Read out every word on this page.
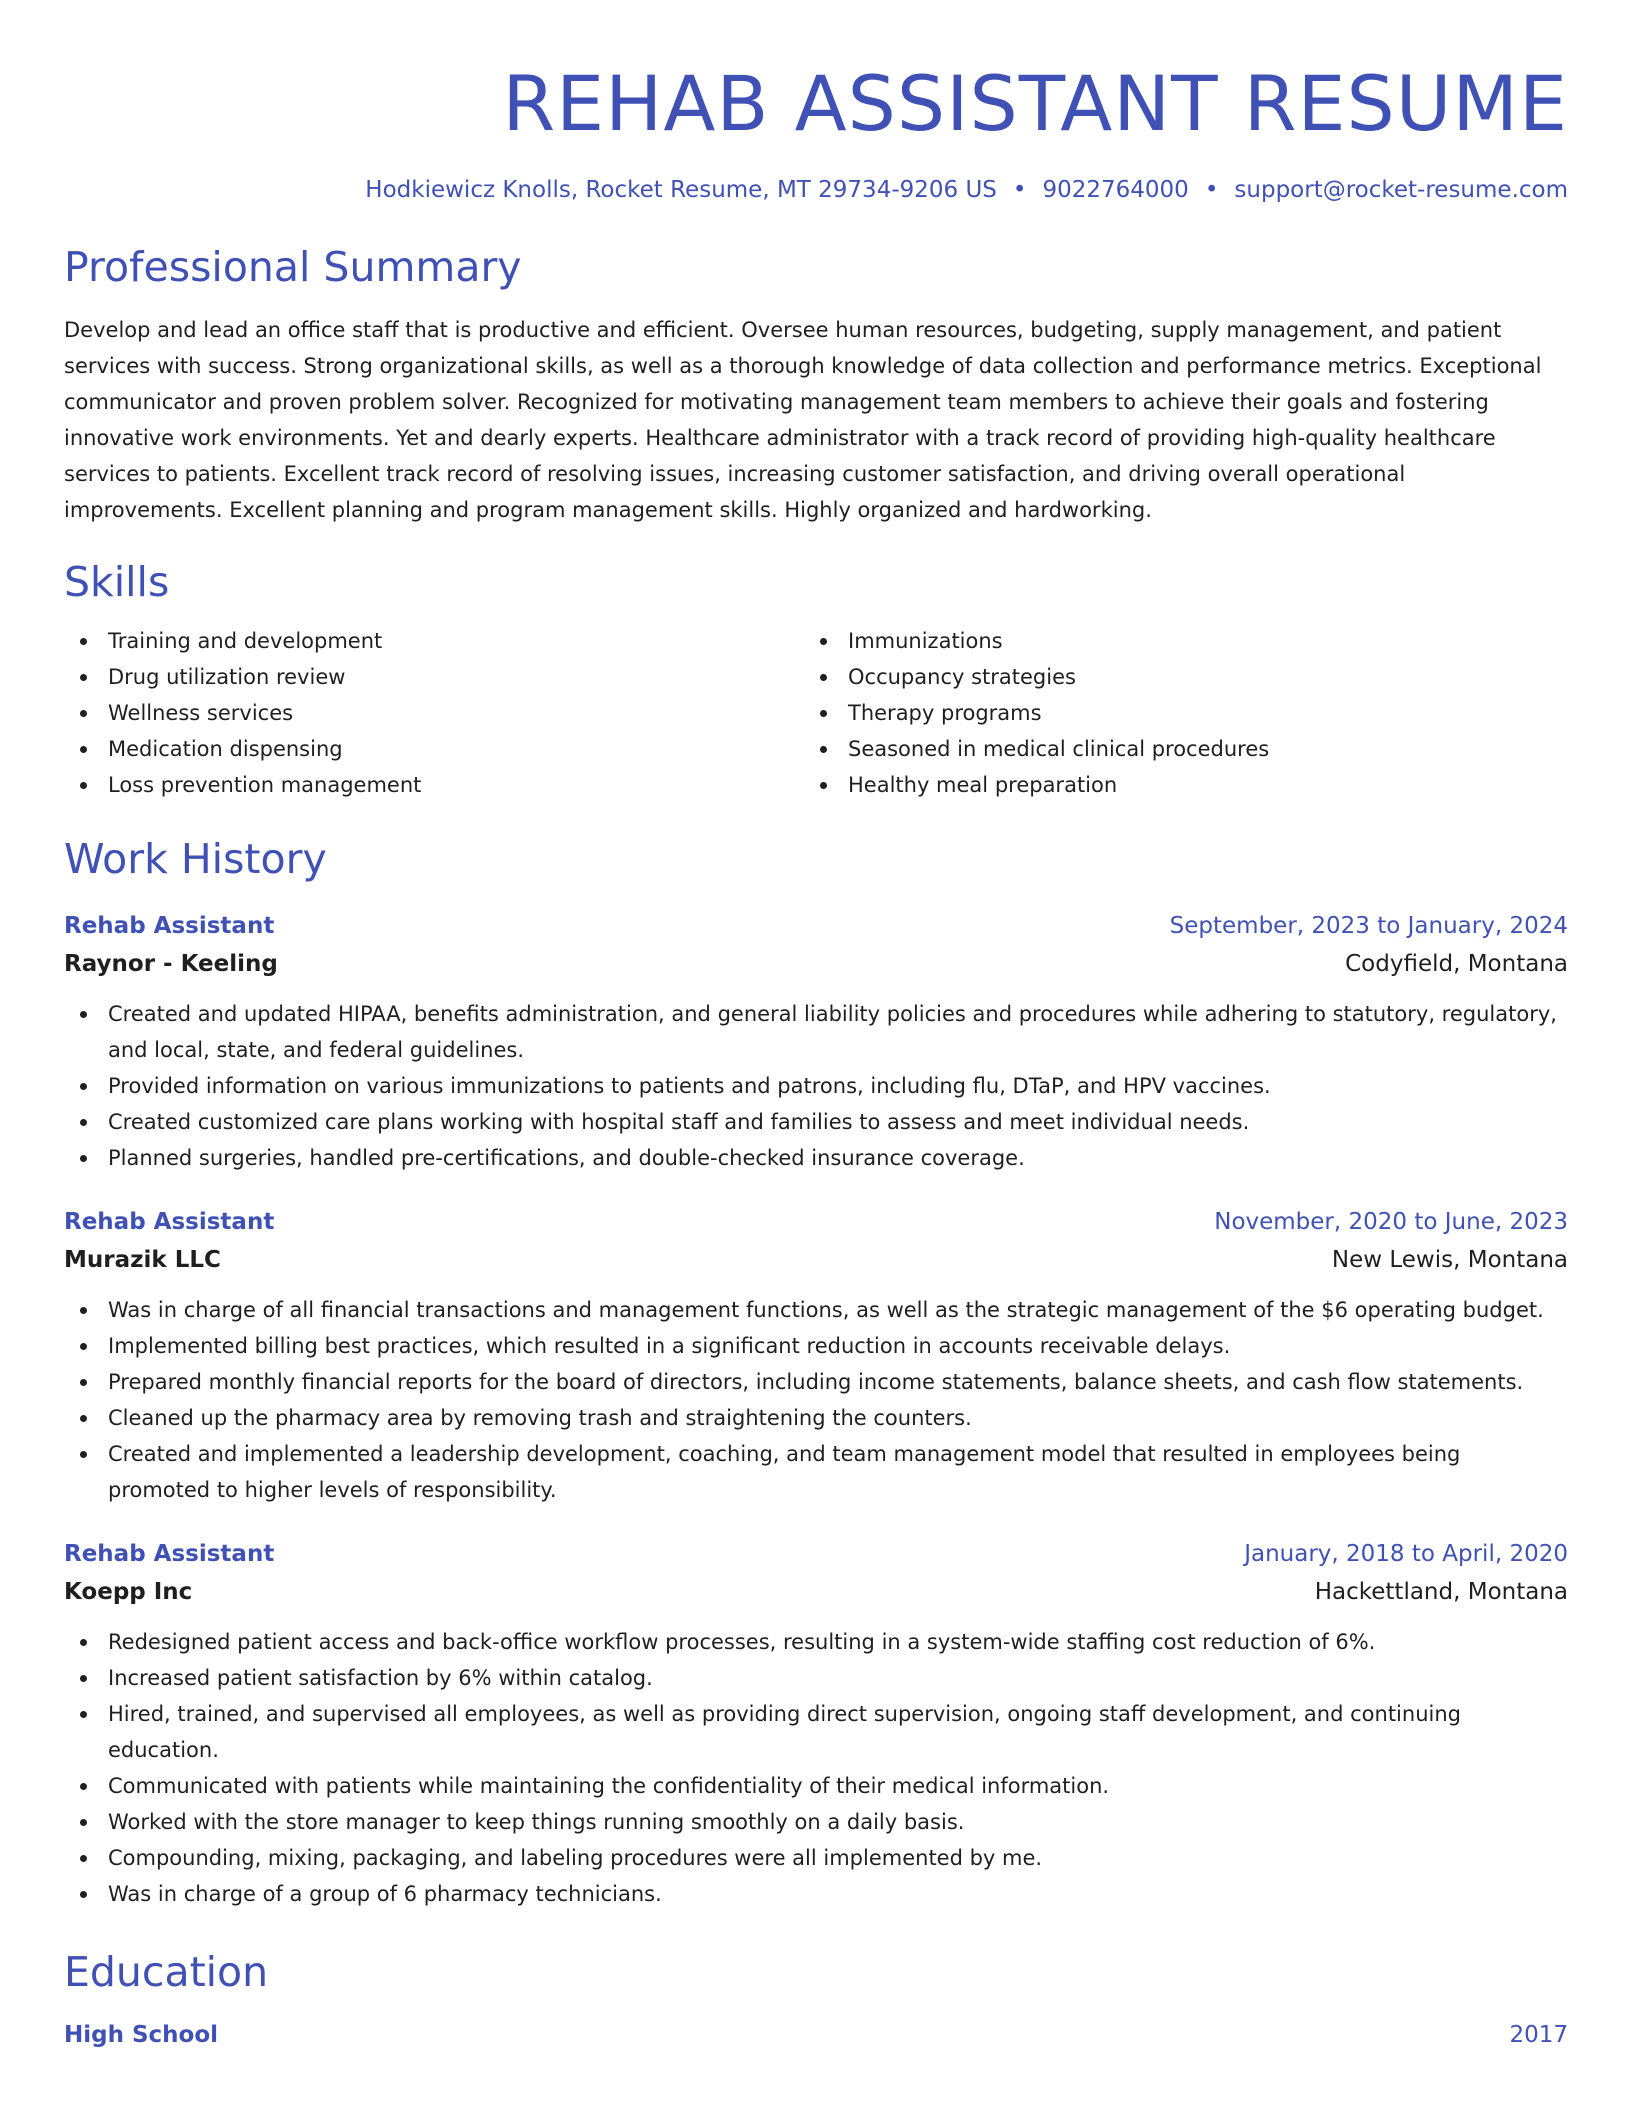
REHAB ASSISTANT RESUME
Hodkiewicz Knolls, Rocket Resume, MT 29734-9206 US • 9022764000 • support@rocket-resume.com
Professional Summary
Develop and lead an office staff that is productive and efficient. Oversee human resources, budgeting, supply management, and patient services with success. Strong organizational skills, as well as a thorough knowledge of data collection and performance metrics. Exceptional communicator and proven problem solver. Recognized for motivating management team members to achieve their goals and fostering innovative work environments. Yet and dearly experts. Healthcare administrator with a track record of providing high-quality healthcare services to patients. Excellent track record of resolving issues, increasing customer satisfaction, and driving overall operational improvements. Excellent planning and program management skills. Highly organized and hardworking.
Skills
Training and development
Drug utilization review
Wellness services
Medication dispensing
Loss prevention management
Immunizations
Occupancy strategies
Therapy programs
Seasoned in medical clinical procedures
Healthy meal preparation
Work History
Rehab Assistant	September, 2023 to January, 2024
Raynor - Keeling	Codyfield, Montana
Created and updated HIPAA, benefits administration, and general liability policies and procedures while adhering to statutory, regulatory, and local, state, and federal guidelines.
Provided information on various immunizations to patients and patrons, including flu, DTaP, and HPV vaccines.
Created customized care plans working with hospital staff and families to assess and meet individual needs.
Planned surgeries, handled pre-certifications, and double-checked insurance coverage.
Rehab Assistant	November, 2020 to June, 2023
Murazik LLC	New Lewis, Montana
Was in charge of all financial transactions and management functions, as well as the strategic management of the $6 operating budget.
Implemented billing best practices, which resulted in a significant reduction in accounts receivable delays.
Prepared monthly financial reports for the board of directors, including income statements, balance sheets, and cash flow statements.
Cleaned up the pharmacy area by removing trash and straightening the counters.
Created and implemented a leadership development, coaching, and team management model that resulted in employees being promoted to higher levels of responsibility.
Rehab Assistant	January, 2018 to April, 2020
Koepp Inc	Hackettland, Montana
Redesigned patient access and back-office workflow processes, resulting in a system-wide staffing cost reduction of 6%.
Increased patient satisfaction by 6% within catalog.
Hired, trained, and supervised all employees, as well as providing direct supervision, ongoing staff development, and continuing education.
Communicated with patients while maintaining the confidentiality of their medical information.
Worked with the store manager to keep things running smoothly on a daily basis.
Compounding, mixing, packaging, and labeling procedures were all implemented by me.
Was in charge of a group of 6 pharmacy technicians.
Education
High School	2017
